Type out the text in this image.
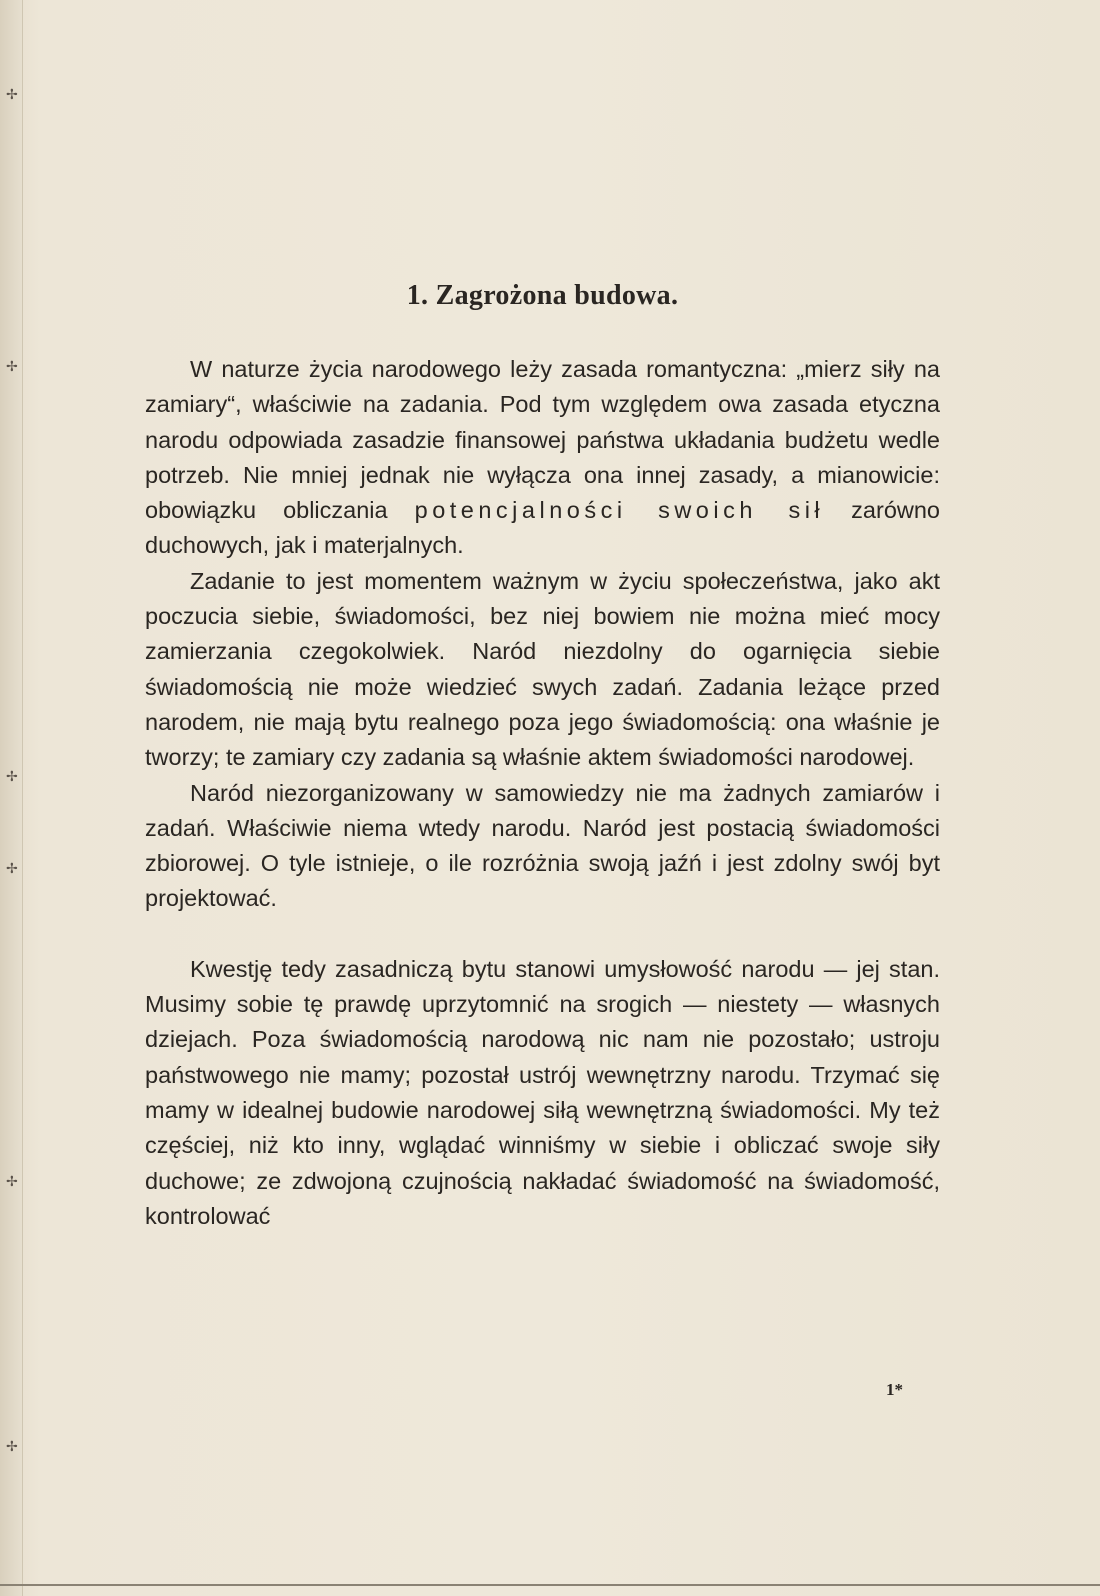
✢
✢
✢
✢
✢
✢
1. Zagrożona budowa.

W naturze życia narodowego leży zasada romantyczna: „mierz siły na zamiary“, właściwie na zadania. Pod tym względem owa zasada etyczna narodu odpowiada zasadzie finansowej państwa układania budżetu wedle potrzeb. Nie mniej jednak nie wyłącza ona innej zasady, a mianowicie: obowiązku obliczania potencjalności swoich sił zarówno duchowych, jak i materjalnych.

Zadanie to jest momentem ważnym w życiu społeczeństwa, jako akt poczucia siebie, świadomości, bez niej bowiem nie można mieć mocy zamierzania czegokolwiek. Naród niezdolny do ogarnięcia siebie świadomością nie może wiedzieć swych zadań. Zadania leżące przed narodem, nie mają bytu realnego poza jego świadomością: ona właśnie je tworzy; te zamiary czy zadania są właśnie aktem świadomości narodowej.

Naród niezorganizowany w samowiedzy nie ma żadnych zamiarów i zadań. Właściwie niema wtedy narodu. Naród jest postacią świadomości zbiorowej. O tyle istnieje, o ile rozróżnia swoją jaźń i jest zdolny swój byt projektować.

Kwestję tedy zasadniczą bytu stanowi umysłowość narodu — jej stan. Musimy sobie tę prawdę uprzytomnić na srogich — niestety — własnych dziejach. Poza świadomością narodową nic nam nie pozostało; ustroju państwowego nie mamy; pozostał ustrój wewnętrzny narodu. Trzymać się mamy w idealnej budowie narodowej siłą wewnętrzną świadomości. My też częściej, niż kto inny, wglądać winniśmy w siebie i obliczać swoje siły duchowe; ze zdwojoną czujnością nakładać świadomość na świadomość, kontrolować

1*
